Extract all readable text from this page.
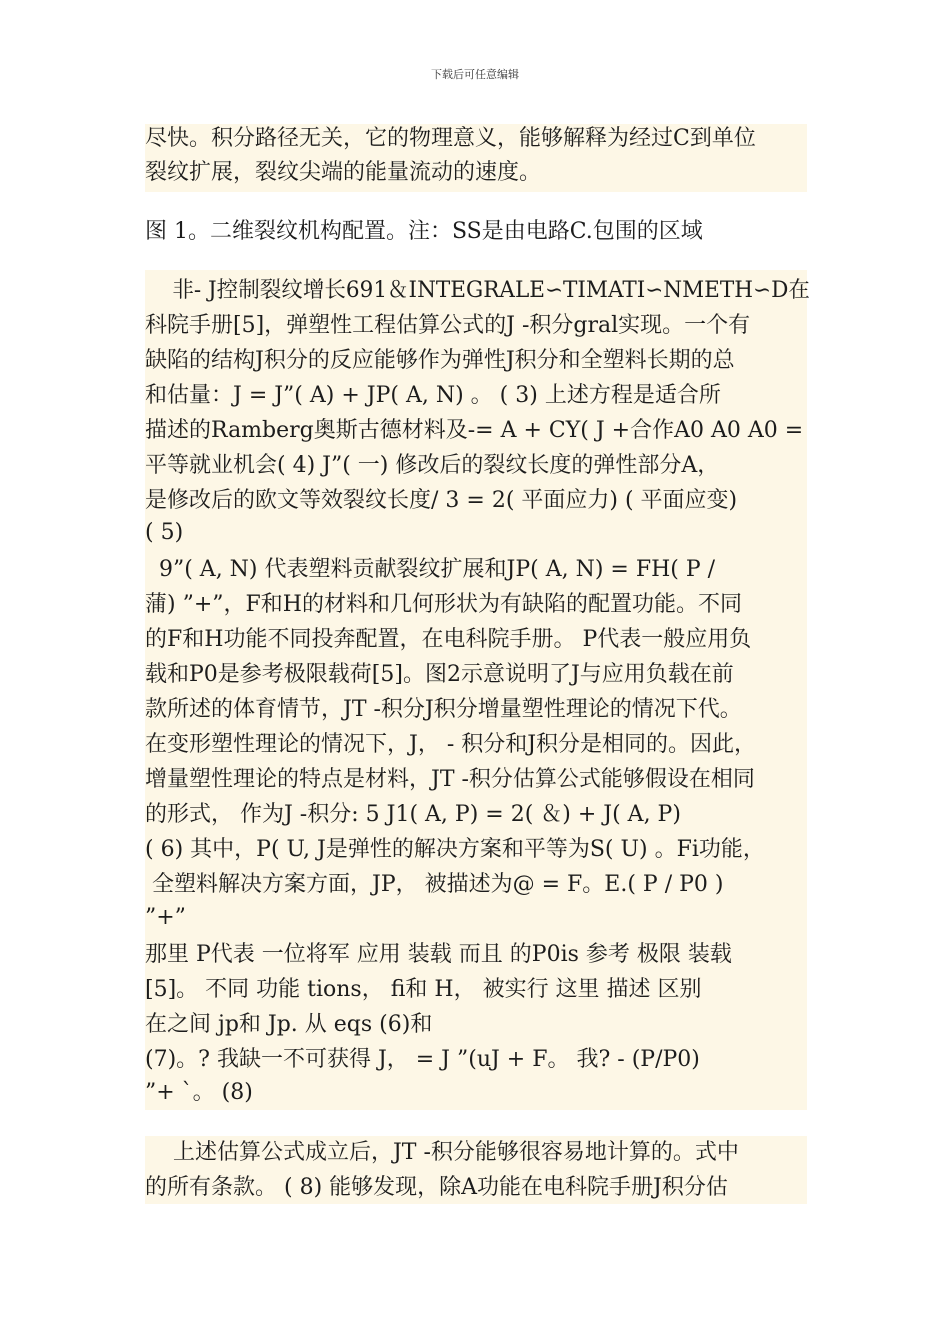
下载后可任意编辑
尽快。积分路径无关，它的物理意义，能够解释为经过C到单位
裂纹扩展，裂纹尖端的能量流动的速度。
图 1。二维裂纹机构配置。注：SS是由电路C.包围的区域
非- J控制裂纹增长691＆INTEGRALE∽TIMATI∽NMETH∽D在
科院手册[5]，弹塑性工程估算公式的J -积分gral实现。一个有
缺陷的结构J积分的反应能够作为弹性J积分和全塑料长期的总
和估量：J = J”( A) + JP( A, N) 。 ( 3) 上述方程是适合所
描述的Ramberg奥斯古德材料及-= A + CY( J +合作A0 A0 A0 =
平等就业机会( 4) J”( 一) 修改后的裂纹长度的弹性部分A，
是修改后的欧文等效裂纹长度/ 3 = 2( 平面应力) ( 平面应变)
( 5)
9”( A, N) 代表塑料贡献裂纹扩展和JP( A, N) = FH( P /
蒲) ”+”，F和H的材料和几何形状为有缺陷的配置功能。不同
的F和H功能不同投奔配置，在电科院手册。 P代表一般应用负
载和P0是参考极限载荷[5]。图2示意说明了J与应用负载在前
款所述的体育情节，JT -积分J积分增量塑性理论的情况下代。
在变形塑性理论的情况下，J， - 积分和J积分是相同的。因此，
增量塑性理论的特点是材料，JT -积分估算公式能够假设在相同
的形式， 作为J -积分: 5 J1( A, P) = 2( ＆) + J( A, P)
( 6) 其中，P( U, J是弹性的解决方案和平等为S( U) 。Fi功能，
全塑料解决方案方面，JP， 被描述为@ = F。E.( P / P0 )
”+”
那里 P代表 一位将军 应用 装载 而且 的P0is 参考 极限 装载
[5]。 不同 功能 tions， fi和 H， 被实行 这里 描述 区别
在之间 jp和 Jp. 从 eqs (6)和
(7)。? 我缺一不可获得 J， = J ”(uJ + F。 我? - (P/P0)
”+ `。 (8)
上述估算公式成立后，JT -积分能够很容易地计算的。式中
的所有条款。 ( 8) 能够发现，除A功能在电科院手册J积分估
